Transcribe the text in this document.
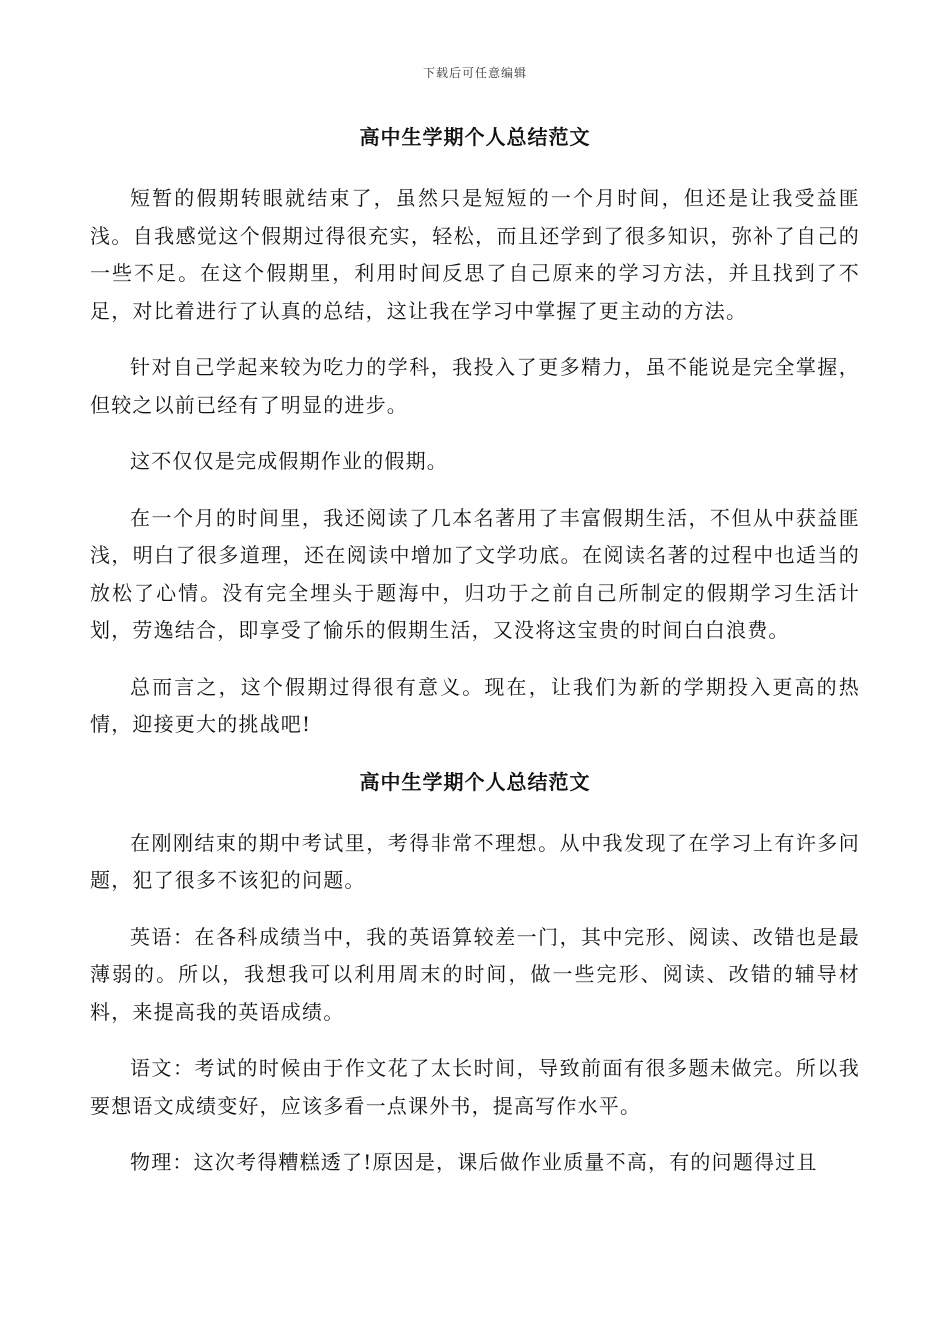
下载后可任意编辑
高中生学期个人总结范文

短暂的假期转眼就结束了，虽然只是短短的一个月时间，但还是让我受益匪浅。自我感觉这个假期过得很充实，轻松，而且还学到了很多知识，弥补了自己的一些不足。在这个假期里，利用时间反思了自己原来的学习方法，并且找到了不足，对比着进行了认真的总结，这让我在学习中掌握了更主动的方法。

针对自己学起来较为吃力的学科，我投入了更多精力，虽不能说是完全掌握，但较之以前已经有了明显的进步。

这不仅仅是完成假期作业的假期。

在一个月的时间里，我还阅读了几本名著用了丰富假期生活，不但从中获益匪浅，明白了很多道理，还在阅读中增加了文学功底。在阅读名著的过程中也适当的放松了心情。没有完全埋头于题海中，归功于之前自己所制定的假期学习生活计划，劳逸结合，即享受了愉乐的假期生活，又没将这宝贵的时间白白浪费。

总而言之，这个假期过得很有意义。现在，让我们为新的学期投入更高的热情，迎接更大的挑战吧!

高中生学期个人总结范文

在刚刚结束的期中考试里，考得非常不理想。从中我发现了在学习上有许多问题，犯了很多不该犯的问题。

英语：在各科成绩当中，我的英语算较差一门，其中完形、阅读、改错也是最薄弱的。所以，我想我可以利用周末的时间，做一些完形、阅读、改错的辅导材料，来提高我的英语成绩。

语文：考试的时候由于作文花了太长时间，导致前面有很多题未做完。所以我要想语文成绩变好，应该多看一点课外书，提高写作水平。

物理：这次考得糟糕透了!原因是，课后做作业质量不高，有的问题得过且
